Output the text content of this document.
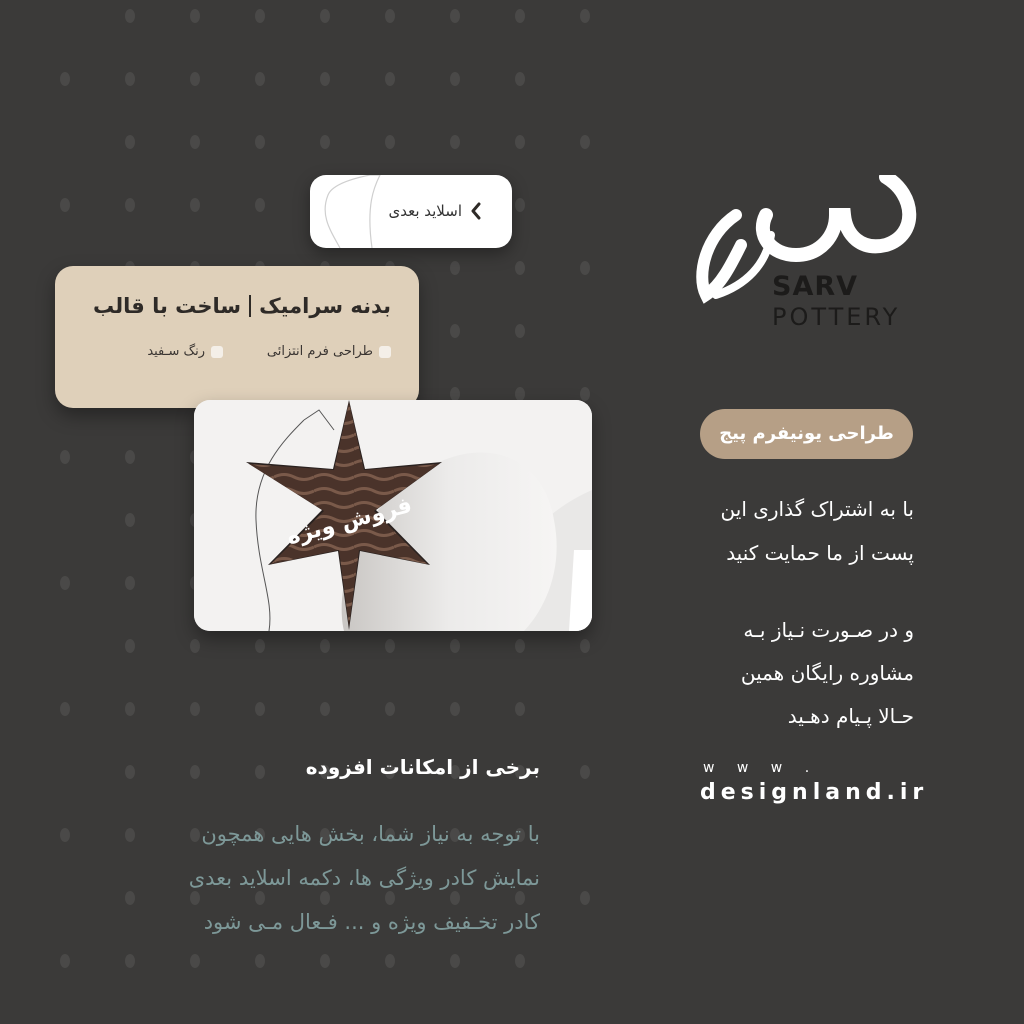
اسلاید بعدی
بدنه سرامیکساخت با قالب
طراحی فرم انتزائی
رنگ سـفید
فروش ویژه
SARV
POTTERY
طراحی یونیفرم پیج
با به اشتراک گذاری این
پست از ما حمایت کنید
و در صـورت نـیاز بـه
مشاوره رایگان همین
حـالا پـیام دهـید
w w w .
designland.ir
برخی از امکانات افزوده
با توجه به نیاز شما، بخش هایی همچون
نمایش کادر ویژگی ها، دکمه اسلاید بعدی
کادر تخـفیف ویژه و ... فـعال مـی شود
